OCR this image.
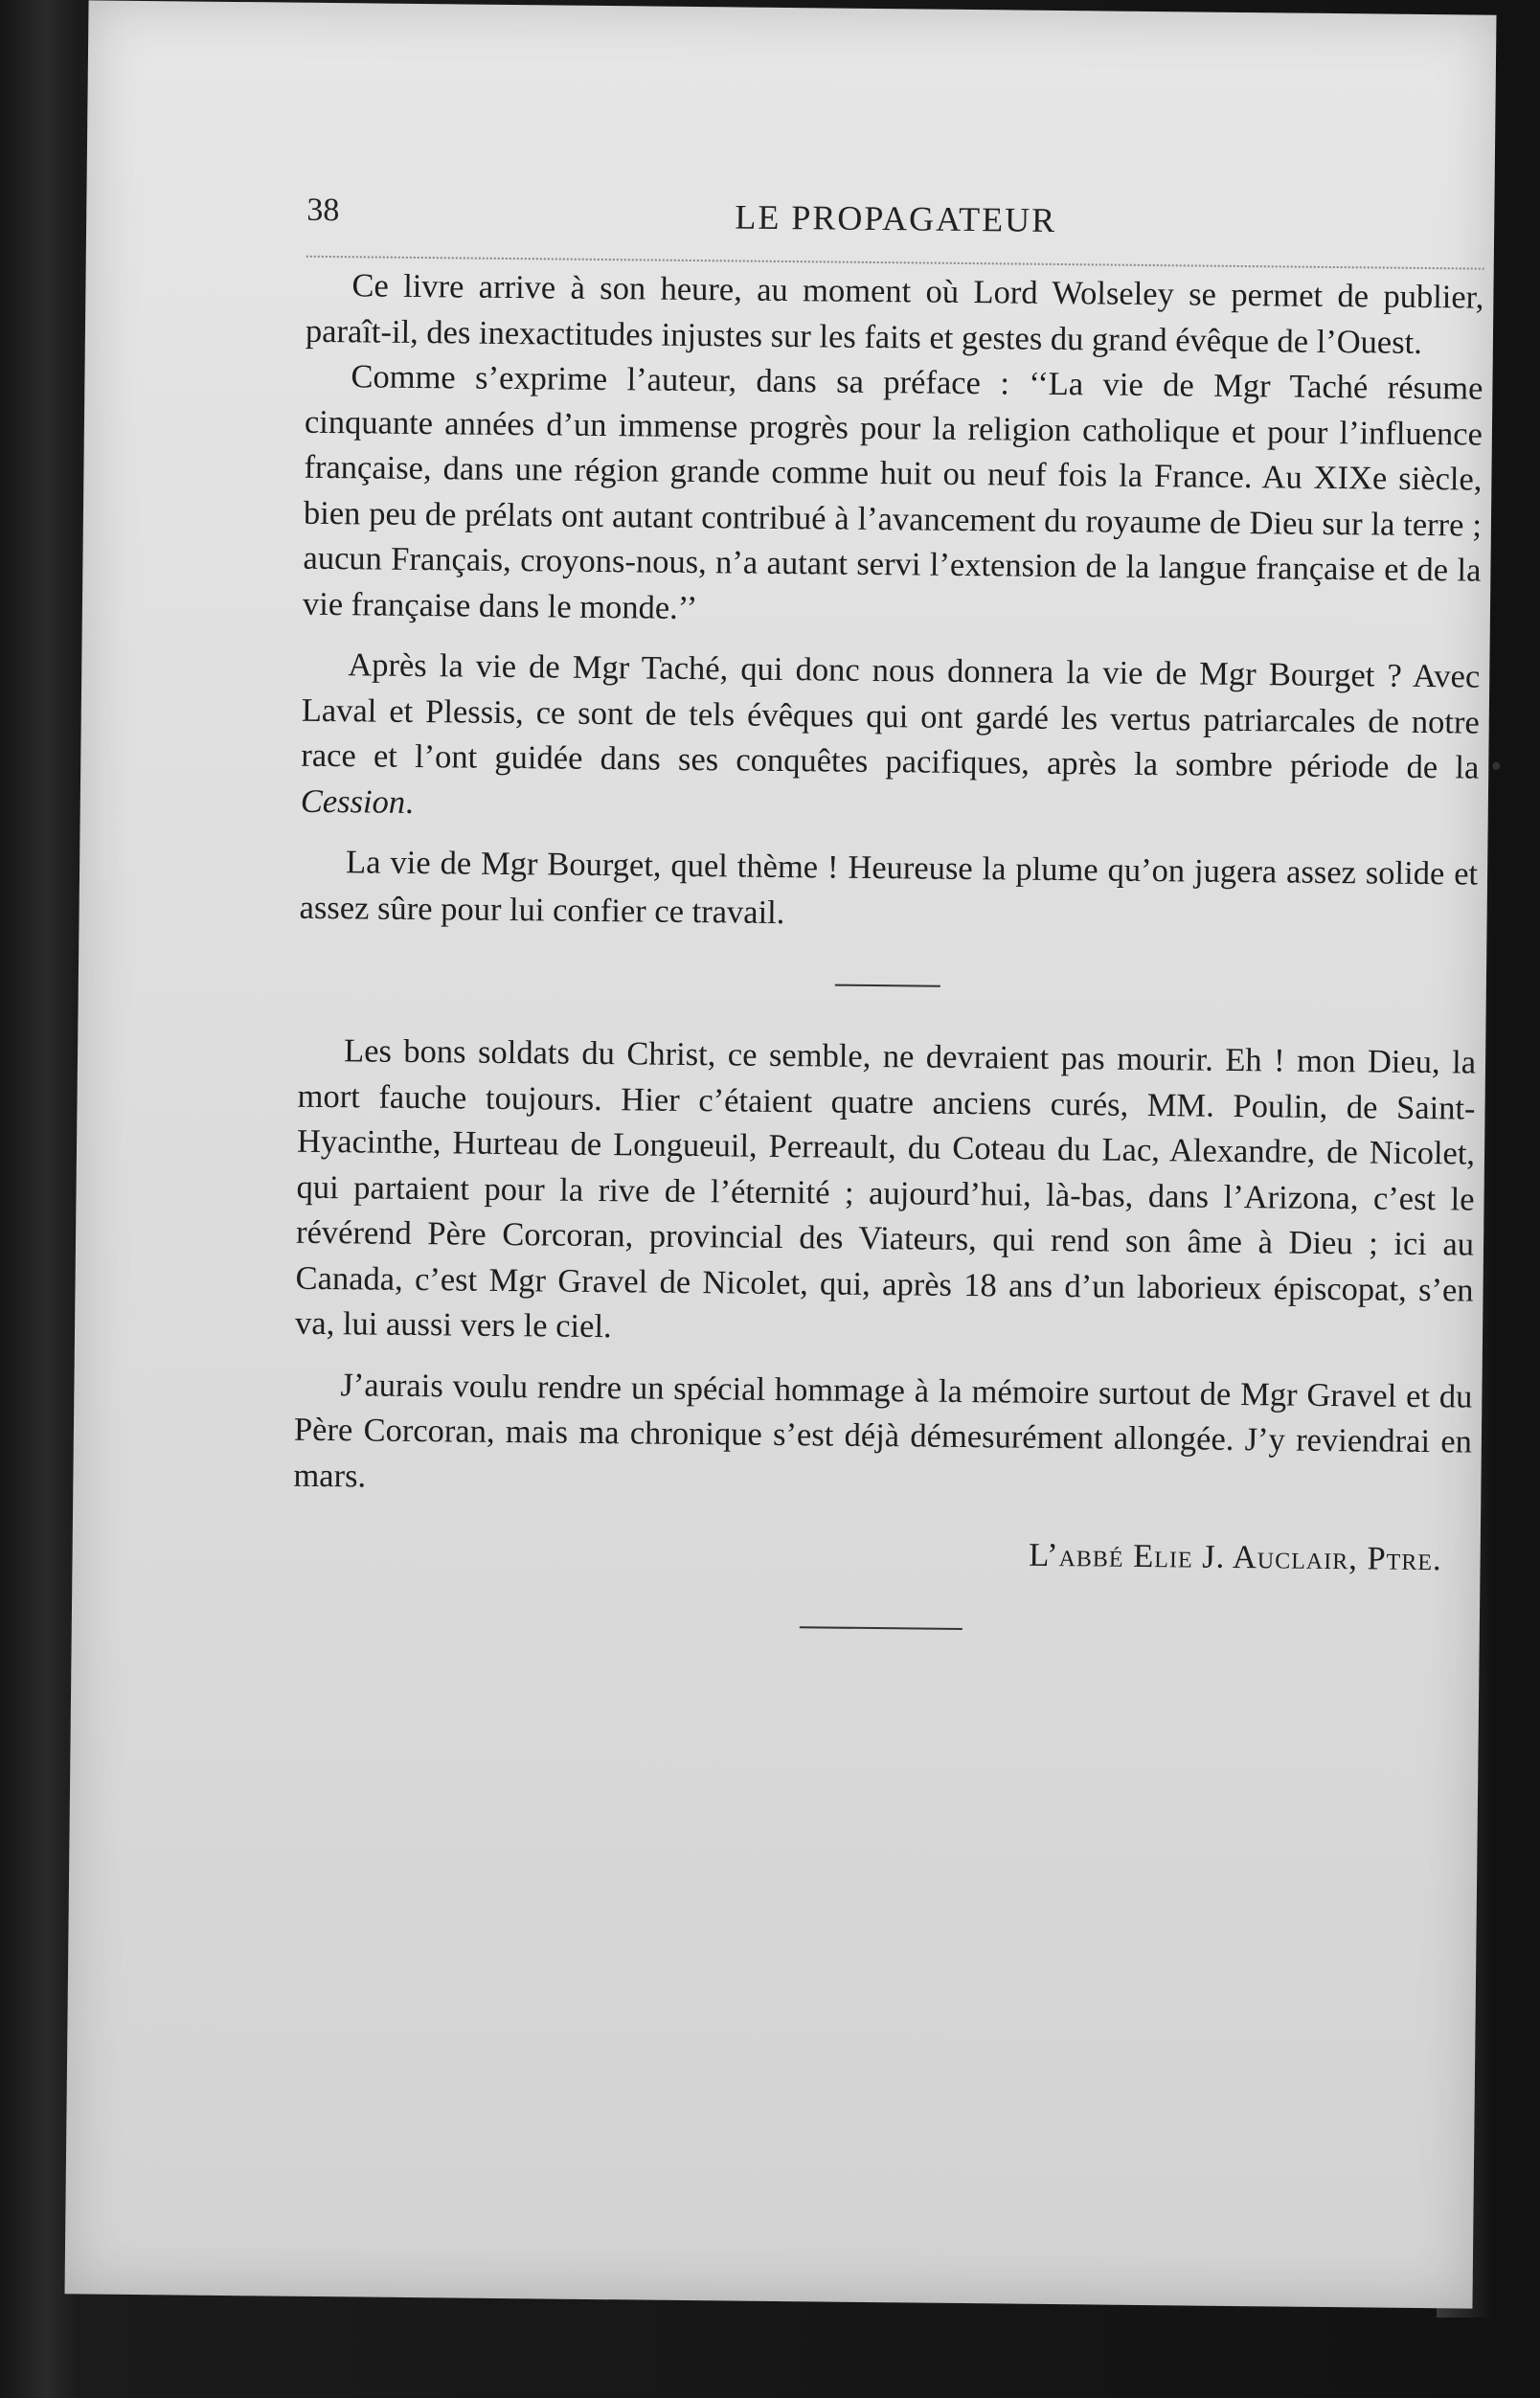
38	LE PROPAGATEUR

Ce livre arrive à son heure, au moment où Lord Wolseley se permet de publier, paraît-il, des inexactitudes injustes sur les faits et gestes du grand évêque de l’Ouest.

Comme s’exprime l’auteur, dans sa préface : ‘‘La vie de Mgr Taché résume cinquante années d’un immense progrès pour la religion catholique et pour l’influence française, dans une région grande comme huit ou neuf fois la France. Au XIXe siècle, bien peu de prélats ont autant contribué à l’avancement du royaume de Dieu sur la terre ; aucun Français, croyons-nous, n’a autant servi l’extension de la langue française et de la vie française dans le monde.’’

Après la vie de Mgr Taché, qui donc nous donnera la vie de Mgr Bourget ? Avec Laval et Plessis, ce sont de tels évêques qui ont gardé les vertus patriarcales de notre race et l’ont guidée dans ses conquêtes pacifiques, après la sombre période de la Cession.

La vie de Mgr Bourget, quel thème ! Heureuse la plume qu’on jugera assez solide et assez sûre pour lui confier ce travail.

Les bons soldats du Christ, ce semble, ne devraient pas mourir. Eh ! mon Dieu, la mort fauche toujours. Hier c’étaient quatre anciens curés, MM. Poulin, de Saint-Hyacinthe, Hurteau de Longueuil, Perreault, du Coteau du Lac, Alexandre, de Nicolet, qui partaient pour la rive de l’éternité ; aujourd’hui, là-bas, dans l’Arizona, c’est le révérend Père Corcoran, provincial des Viateurs, qui rend son âme à Dieu ; ici au Canada, c’est Mgr Gravel de Nicolet, qui, après 18 ans d’un laborieux épiscopat, s’en va, lui aussi vers le ciel.

J’aurais voulu rendre un spécial hommage à la mémoire surtout de Mgr Gravel et du Père Corcoran, mais ma chronique s’est déjà démesurément allongée. J’y reviendrai en mars.

L’abbé Elie J. Auclair, Ptre.
